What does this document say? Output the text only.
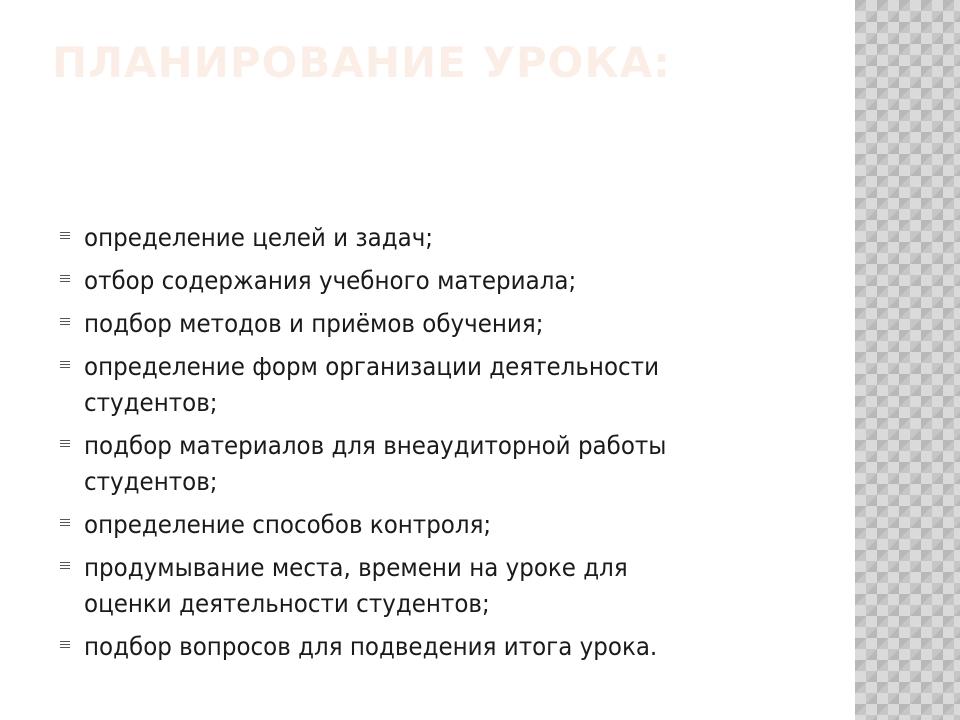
ПЛАНИРОВАНИЕ УРОКА:
определение целей и задач;
отбор содержания учебного материала;
подбор методов и приёмов обучения;
определение форм организации деятельности
студентов;
подбор материалов для внеаудиторной работы
студентов;
определение способов контроля;
продумывание места, времени на уроке для
оценки деятельности студентов;
подбор вопросов для подведения итога урока.
